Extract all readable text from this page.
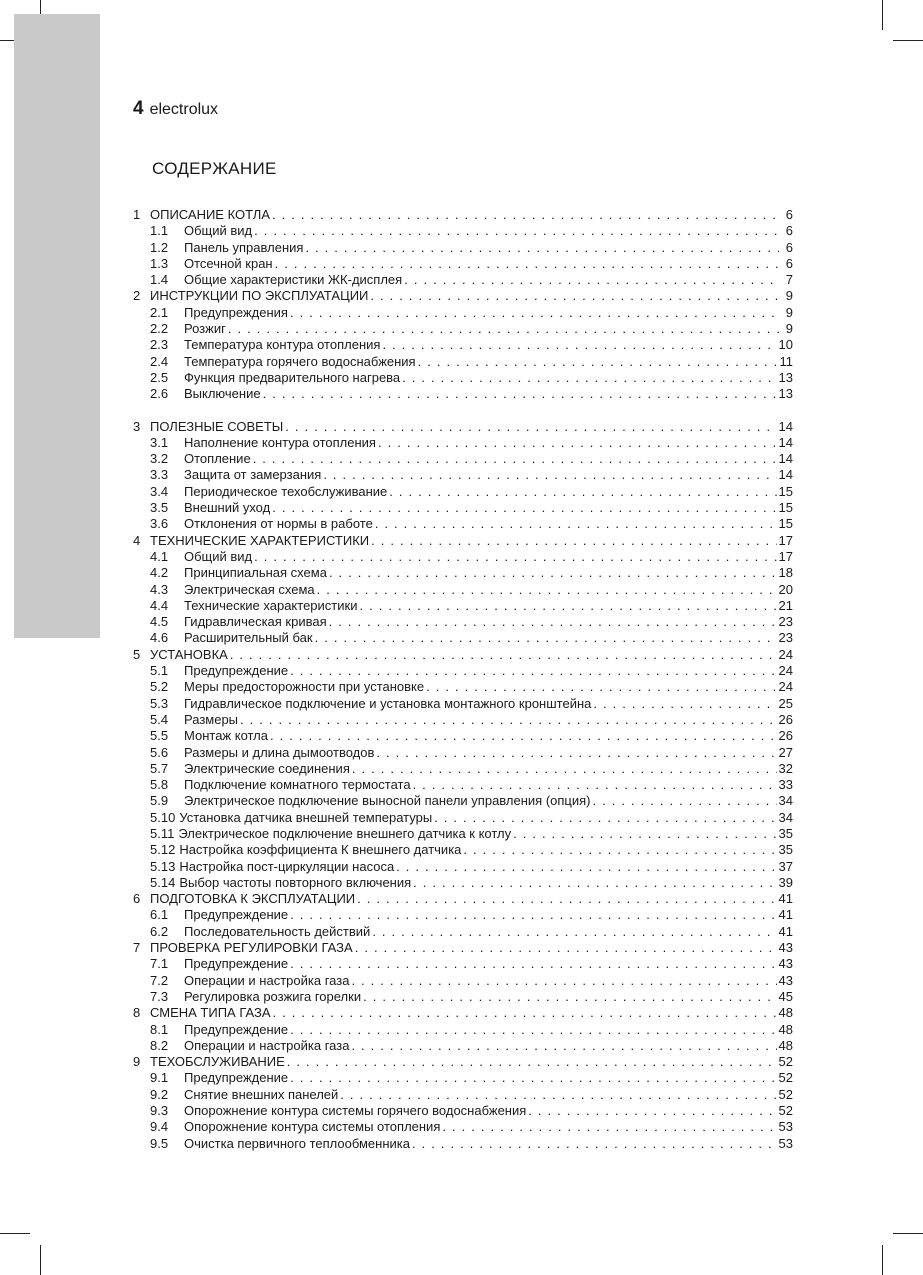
4 electrolux
СОДЕРЖАНИЕ
1 ОПИСАНИЕ КОТЛА . . .	6
1.1	Общий вид . . .	6
1.2	Панель управления . . .	6
1.3	Отсечной кран . . .	6
1.4	Общие характеристики ЖК-дисплея . . .	7
2 ИНСТРУКЦИИ ПО ЭКСПЛУАТАЦИИ . . .	9
2.1	Предупреждения . . .	9
2.2	Розжиг . . .	9
2.3	Температура контура отопления . . .	10
2.4	Температура горячего водоснабжения . . .	11
2.5	Функция предварительного нагрева . . .	13
2.6	Выключение . . .	13
3 ПОЛЕЗНЫЕ СОВЕТЫ . . .	14
3.1	Наполнение контура отопления . . .	14
3.2	Отопление . . .	14
3.3	Защита от замерзания . . .	14
3.4	Периодическое техобслуживание . . .	15
3.5	Внешний уход . . .	15
3.6	Отклонения от нормы в работе . . .	15
4 ТЕХНИЧЕСКИЕ ХАРАКТЕРИСТИКИ . . .	17
4.1	Общий вид . . .	17
4.2	Принципиальная схема . . .	18
4.3	Электрическая схема . . .	20
4.4	Технические характеристики . . .	21
4.5	Гидравлическая кривая . . .	23
4.6	Расширительный бак . . .	23
5 УСТАНОВКА . . .	24
5.1	Предупреждение . . .	24
5.2	Меры предосторожности при установке . . .	24
5.3	Гидравлическое подключение и установка монтажного кронштейна . . .	25
5.4	Размеры . . .	26
5.5	Монтаж котла . . .	26
5.6	Размеры и длина дымоотводов . . .	27
5.7	Электрические соединения . . .	32
5.8	Подключение комнатного термостата . . .	33
5.9	Электрическое подключение выносной панели управления (опция) . . .	34
5.10 Установка датчика внешней температуры . . .	34
5.11 Электрическое подключение внешнего датчика к котлу . . .	35
5.12 Настройка коэффициента К внешнего датчика . . .	35
5.13 Настройка пост-циркуляции насоса . . .	37
5.14 Выбор частоты повторного включения . . .	39
6 ПОДГОТОВКА К ЭКСПЛУАТАЦИИ . . .	41
6.1	Предупреждение . . .	41
6.2	Последовательность действий . . .	41
7 ПРОВЕРКА РЕГУЛИРОВКИ ГАЗА . . .	43
7.1	Предупреждение . . .	43
7.2	Операции и настройка газа . . .	43
7.3	Регулировка розжига горелки . . .	45
8 СМЕНА ТИПА ГАЗА . . .	48
8.1	Предупреждение . . .	48
8.2	Операции и настройка газа . . .	48
9 ТЕХОБСЛУЖИВАНИЕ . . .	52
9.1	Предупреждение . . .	52
9.2	Снятие внешних панелей . . .	52
9.3	Опорожнение контура системы горячего водоснабжения . . .	52
9.4	Опорожнение контура системы отопления . . .	53
9.5	Очистка первичного теплообменника . . .	53
